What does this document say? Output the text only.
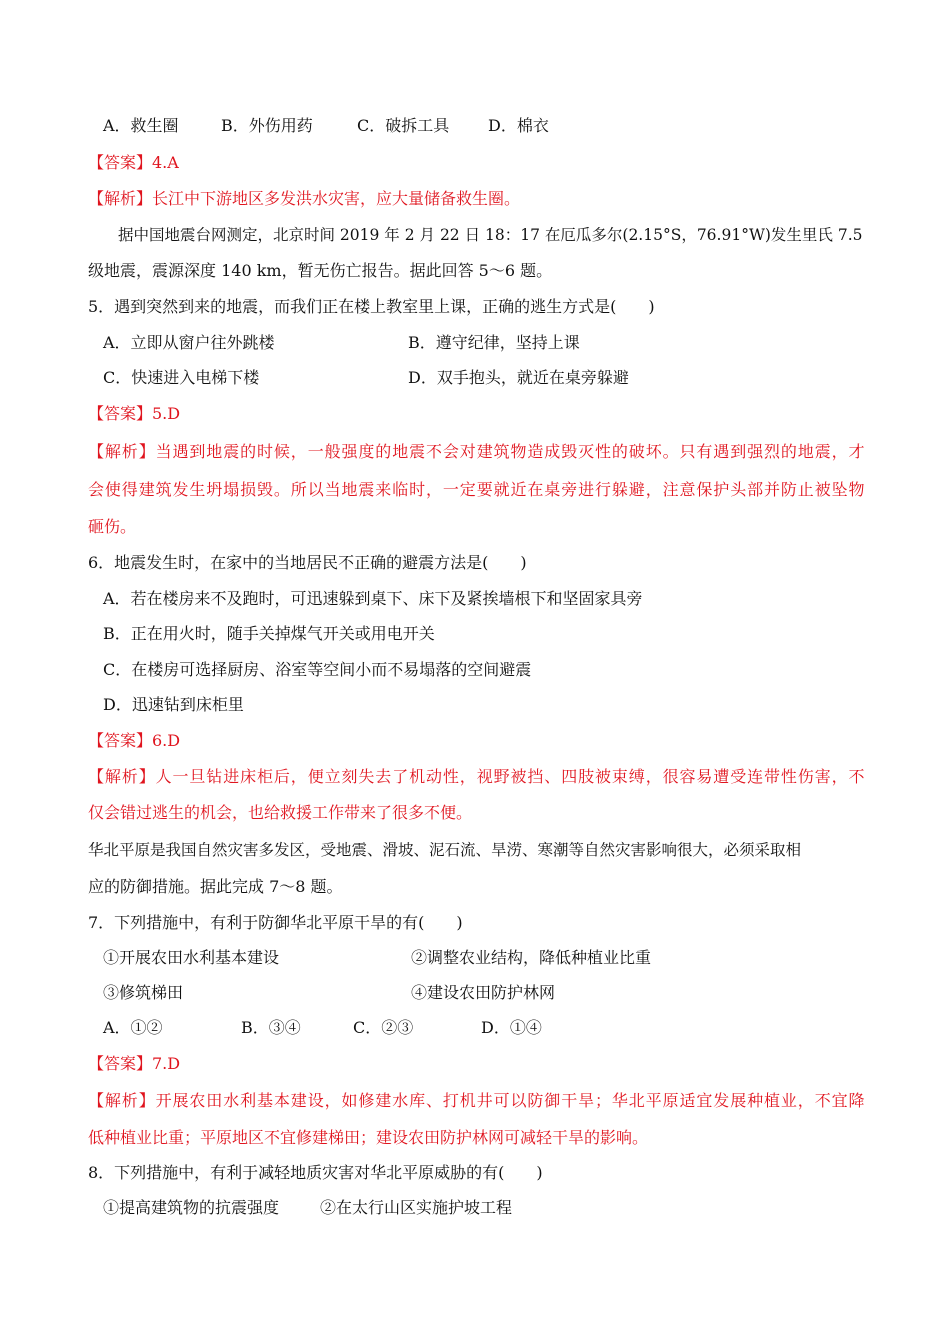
A．救生圈	B．外伤用药	C．破拆工具 D．棉衣
【答案】4.A
【解析】长江中下游地区多发洪水灾害，应大量储备救生圈。
据中国地震台网测定，北京时间 2019 年 2 月 22 日 18：17 在厄瓜多尔(2.15°S，76.91°W)发生里氏 7.5
级地震，震源深度 140 km，暂无伤亡报告。据此回答 5～6 题。
5．遇到突然到来的地震，而我们正在楼上教室里上课，正确的逃生方式是(　　)
A．立即从窗户往外跳楼	B．遵守纪律，坚持上课
C．快速进入电梯下楼	D．双手抱头，就近在桌旁躲避
【答案】5.D
【解析】当遇到地震的时候，一般强度的地震不会对建筑物造成毁灭性的破坏。只有遇到强烈的地震，才
会使得建筑发生坍塌损毁。所以当地震来临时，一定要就近在桌旁进行躲避，注意保护头部并防止被坠物
砸伤。
6．地震发生时，在家中的当地居民不正确的避震方法是(　　)
A．若在楼房来不及跑时，可迅速躲到桌下、床下及紧挨墙根下和坚固家具旁
B．正在用火时，随手关掉煤气开关或用电开关
C．在楼房可选择厨房、浴室等空间小而不易塌落的空间避震
D．迅速钻到床柜里
【答案】6.D
【解析】人一旦钻进床柜后，便立刻失去了机动性，视野被挡、四肢被束缚，很容易遭受连带性伤害，不
仅会错过逃生的机会，也给救援工作带来了很多不便。
华北平原是我国自然灾害多发区，受地震、滑坡、泥石流、旱涝、寒潮等自然灾害影响很大，必须采取相
应的防御措施。据此完成 7～8 题。
7．下列措施中，有利于防御华北平原干旱的有(　　)
①开展农田水利基本建设	②调整农业结构，降低种植业比重
③修筑梯田	④建设农田防护林网
A．①②	B．③④	C．②③	D．①④
【答案】7.D
【解析】开展农田水利基本建设，如修建水库、打机井可以防御干旱；华北平原适宜发展种植业，不宜降
低种植业比重；平原地区不宜修建梯田；建设农田防护林网可减轻干旱的影响。
8．下列措施中，有利于减轻地质灾害对华北平原威胁的有(　　)
①提高建筑物的抗震强度	②在太行山区实施护坡工程
